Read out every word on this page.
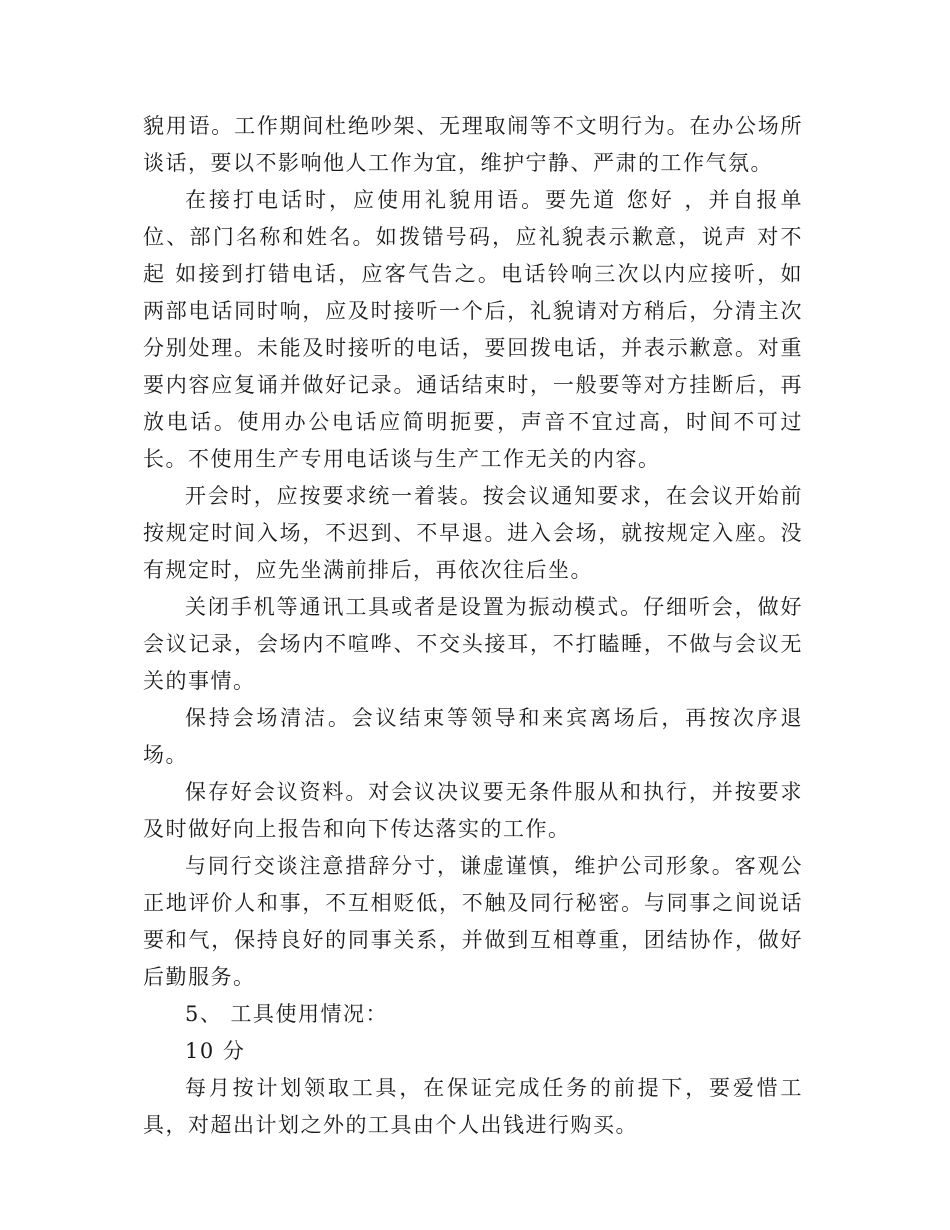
貌用语。工作期间杜绝吵架、无理取闹等不文明行为。在办公场所谈话，要以不影响他人工作为宜，维护宁静、严肃的工作气氛。

在接打电话时，应使用礼貌用语。要先道 您好 ，并自报单位、部门名称和姓名。如拨错号码，应礼貌表示歉意，说声 对不起 如接到打错电话，应客气告之。电话铃响三次以内应接听，如两部电话同时响，应及时接听一个后，礼貌请对方稍后，分清主次分别处理。未能及时接听的电话，要回拨电话，并表示歉意。对重要内容应复诵并做好记录。通话结束时，一般要等对方挂断后，再放电话。使用办公电话应简明扼要，声音不宜过高，时间不可过长。不使用生产专用电话谈与生产工作无关的内容。

开会时，应按要求统一着装。按会议通知要求，在会议开始前按规定时间入场，不迟到、不早退。进入会场，就按规定入座。没有规定时，应先坐满前排后，再依次往后坐。

关闭手机等通讯工具或者是设置为振动模式。仔细听会，做好会议记录，会场内不喧哗、不交头接耳，不打瞌睡，不做与会议无关的事情。

保持会场清洁。会议结束等领导和来宾离场后，再按次序退场。

保存好会议资料。对会议决议要无条件服从和执行，并按要求及时做好向上报告和向下传达落实的工作。

与同行交谈注意措辞分寸，谦虚谨慎，维护公司形象。客观公正地评价人和事，不互相贬低，不触及同行秘密。与同事之间说话要和气，保持良好的同事关系，并做到互相尊重，团结协作，做好后勤服务。

5、 工具使用情况：

10 分

每月按计划领取工具，在保证完成任务的前提下，要爱惜工具，对超出计划之外的工具由个人出钱进行购买。
